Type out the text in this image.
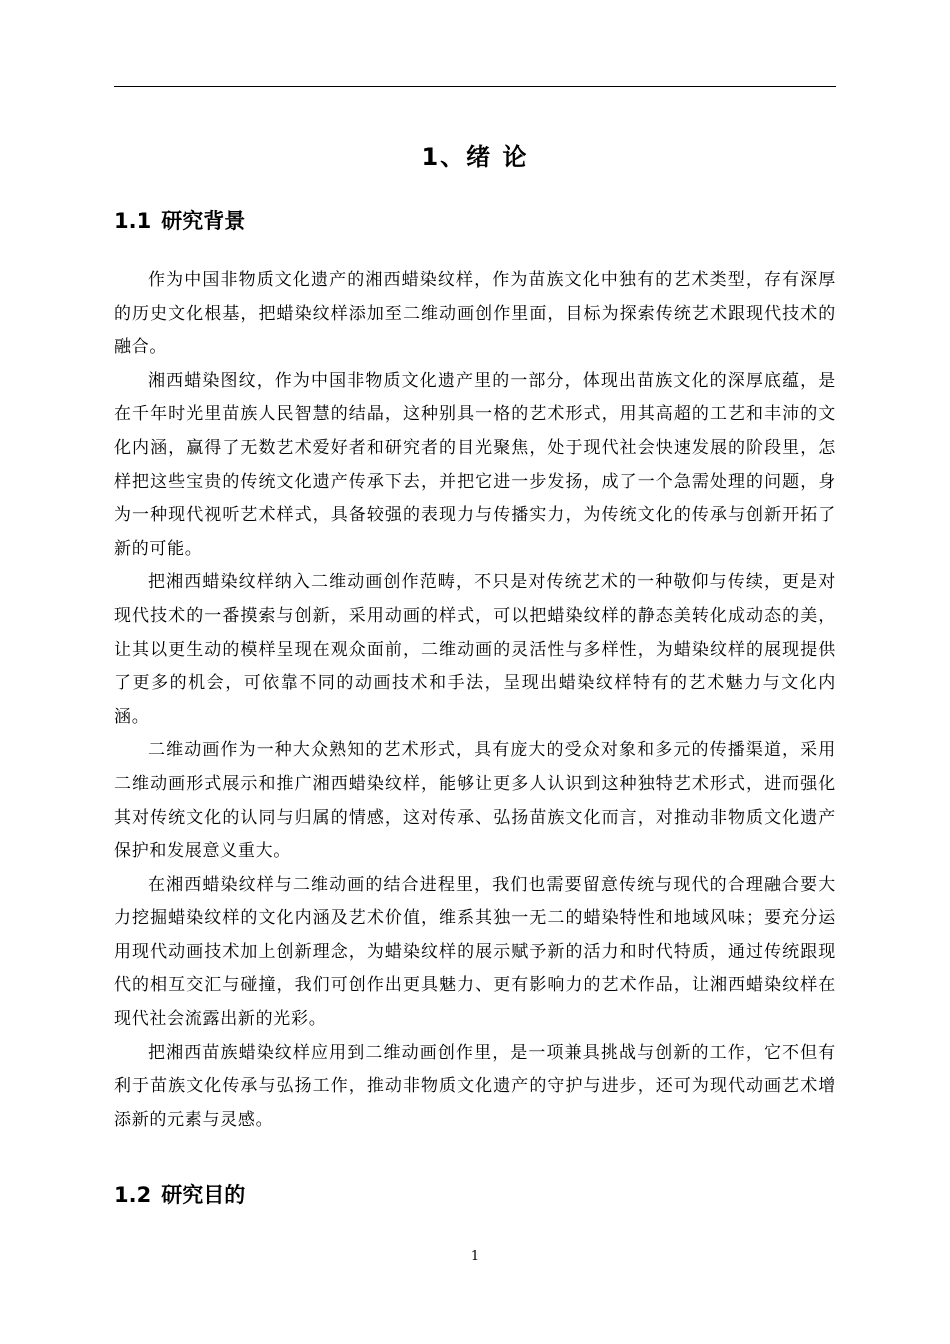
1、绪 论
1.1 研究背景

作为中国非物质文化遗产的湘西蜡染纹样，作为苗族文化中独有的艺术类型，存有深厚的历史文化根基，把蜡染纹样添加至二维动画创作里面，目标为探索传统艺术跟现代技术的融合。

湘西蜡染图纹，作为中国非物质文化遗产里的一部分，体现出苗族文化的深厚底蕴，是在千年时光里苗族人民智慧的结晶，这种别具一格的艺术形式，用其高超的工艺和丰沛的文化内涵，赢得了无数艺术爱好者和研究者的目光聚焦，处于现代社会快速发展的阶段里，怎样把这些宝贵的传统文化遗产传承下去，并把它进一步发扬，成了一个急需处理的问题，身为一种现代视听艺术样式，具备较强的表现力与传播实力，为传统文化的传承与创新开拓了新的可能。

把湘西蜡染纹样纳入二维动画创作范畴，不只是对传统艺术的一种敬仰与传续，更是对现代技术的一番摸索与创新，采用动画的样式，可以把蜡染纹样的静态美转化成动态的美，让其以更生动的模样呈现在观众面前，二维动画的灵活性与多样性，为蜡染纹样的展现提供了更多的机会，可依靠不同的动画技术和手法，呈现出蜡染纹样特有的艺术魅力与文化内涵。

二维动画作为一种大众熟知的艺术形式，具有庞大的受众对象和多元的传播渠道，采用二维动画形式展示和推广湘西蜡染纹样，能够让更多人认识到这种独特艺术形式，进而强化其对传统文化的认同与归属的情感，这对传承、弘扬苗族文化而言，对推动非物质文化遗产保护和发展意义重大。

在湘西蜡染纹样与二维动画的结合进程里，我们也需要留意传统与现代的合理融合要大力挖掘蜡染纹样的文化内涵及艺术价值，维系其独一无二的蜡染特性和地域风味；要充分运用现代动画技术加上创新理念，为蜡染纹样的展示赋予新的活力和时代特质，通过传统跟现代的相互交汇与碰撞，我们可创作出更具魅力、更有影响力的艺术作品，让湘西蜡染纹样在现代社会流露出新的光彩。

把湘西苗族蜡染纹样应用到二维动画创作里，是一项兼具挑战与创新的工作，它不但有利于苗族文化传承与弘扬工作，推动非物质文化遗产的守护与进步，还可为现代动画艺术增添新的元素与灵感。

1.2 研究目的
1
